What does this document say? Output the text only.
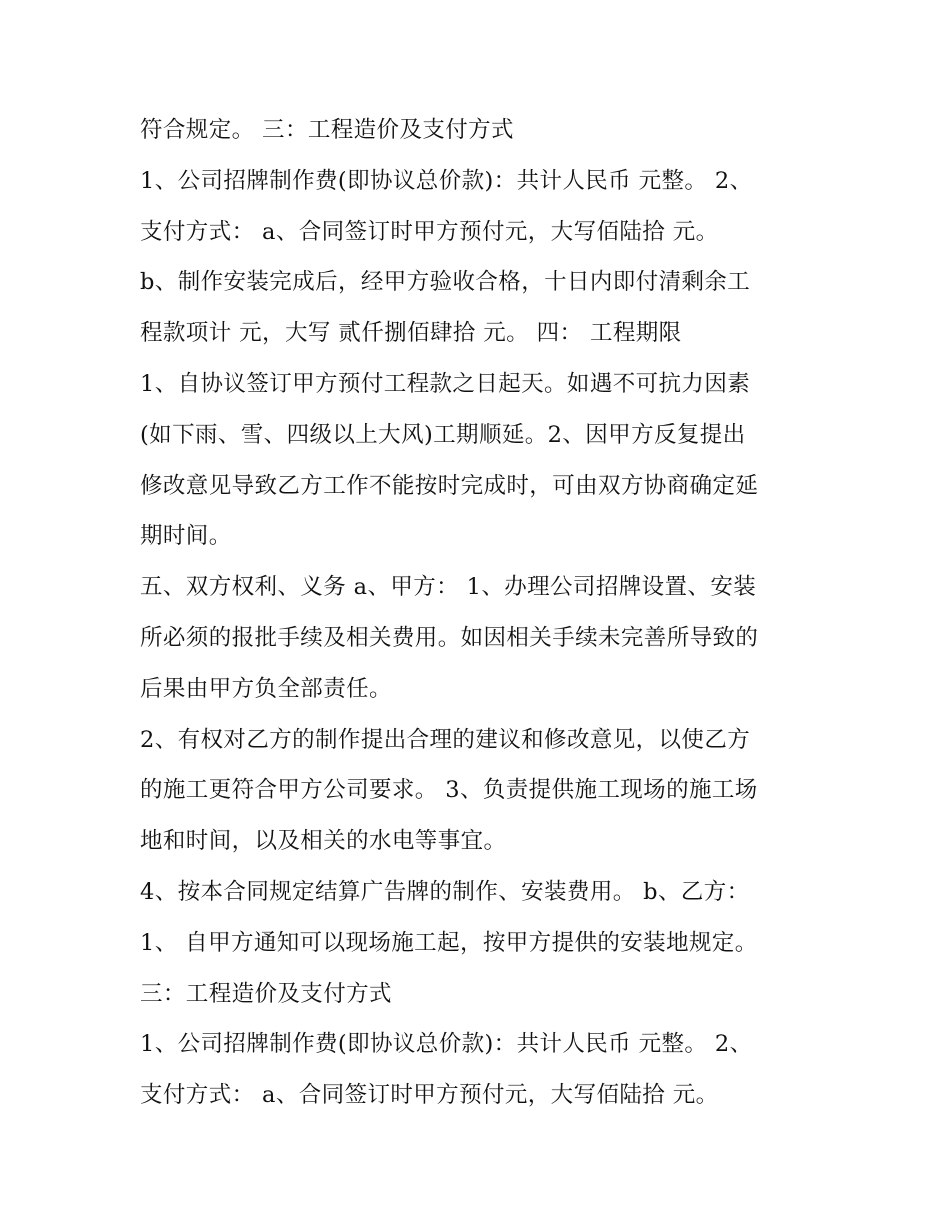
符合规定。 三：工程造价及支付方式
1、公司招牌制作费(即协议总价款)：共计人民币 元整。 2、
支付方式： a、合同签订时甲方预付元，大写佰陆拾 元。
b、制作安装完成后，经甲方验收合格，十日内即付清剩余工
程款项计 元，大写 贰仟捌佰肆拾 元。 四： 工程期限
1、自协议签订甲方预付工程款之日起天。如遇不可抗力因素
(如下雨、雪、四级以上大风)工期顺延。2、因甲方反复提出
修改意见导致乙方工作不能按时完成时，可由双方协商确定延
期时间。
五、双方权利、义务 a、甲方： 1、办理公司招牌设置、安装
所必须的报批手续及相关费用。如因相关手续未完善所导致的
后果由甲方负全部责任。
2、有权对乙方的制作提出合理的建议和修改意见，以使乙方
的施工更符合甲方公司要求。 3、负责提供施工现场的施工场
地和时间，以及相关的水电等事宜。
4、按本合同规定结算广告牌的制作、安装费用。 b、乙方：
1、 自甲方通知可以现场施工起，按甲方提供的安装地规定。
三：工程造价及支付方式
1、公司招牌制作费(即协议总价款)：共计人民币 元整。 2、
支付方式： a、合同签订时甲方预付元，大写佰陆拾 元。
